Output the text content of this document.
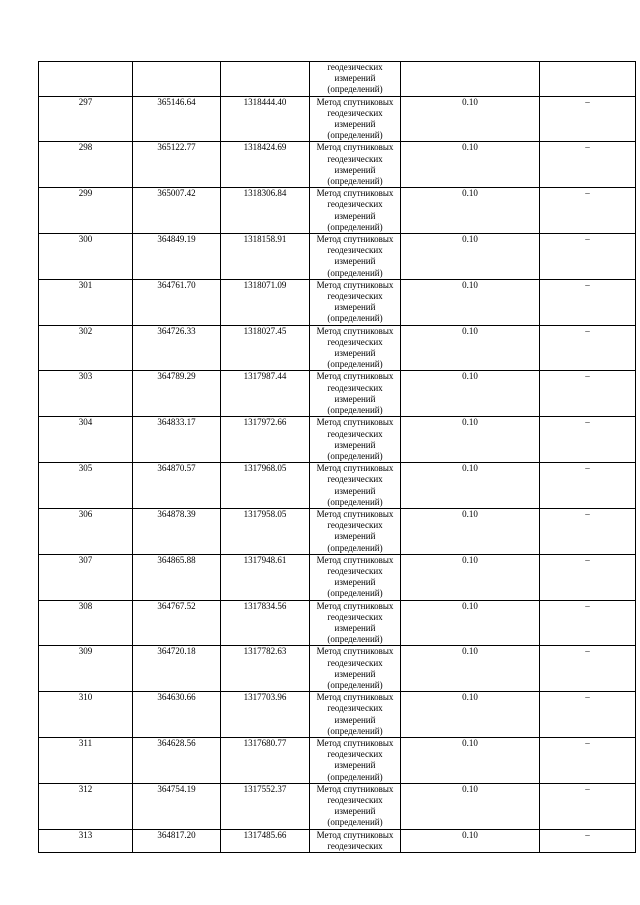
			геодезических
измерений
(определений)		
297	365146.64	1318444.40	Метод спутниковых
геодезических
измерений
(определений)	0.10	–
298	365122.77	1318424.69	Метод спутниковых
геодезических
измерений
(определений)	0.10	–
299	365007.42	1318306.84	Метод спутниковых
геодезических
измерений
(определений)	0.10	–
300	364849.19	1318158.91	Метод спутниковых
геодезических
измерений
(определений)	0.10	–
301	364761.70	1318071.09	Метод спутниковых
геодезических
измерений
(определений)	0.10	–
302	364726.33	1318027.45	Метод спутниковых
геодезических
измерений
(определений)	0.10	–
303	364789.29	1317987.44	Метод спутниковых
геодезических
измерений
(определений)	0.10	–
304	364833.17	1317972.66	Метод спутниковых
геодезических
измерений
(определений)	0.10	–
305	364870.57	1317968.05	Метод спутниковых
геодезических
измерений
(определений)	0.10	–
306	364878.39	1317958.05	Метод спутниковых
геодезических
измерений
(определений)	0.10	–
307	364865.88	1317948.61	Метод спутниковых
геодезических
измерений
(определений)	0.10	–
308	364767.52	1317834.56	Метод спутниковых
геодезических
измерений
(определений)	0.10	–
309	364720.18	1317782.63	Метод спутниковых
геодезических
измерений
(определений)	0.10	–
310	364630.66	1317703.96	Метод спутниковых
геодезических
измерений
(определений)	0.10	–
311	364628.56	1317680.77	Метод спутниковых
геодезических
измерений
(определений)	0.10	–
312	364754.19	1317552.37	Метод спутниковых
геодезических
измерений
(определений)	0.10	–
313	364817.20	1317485.66	Метод спутниковых
геодезических	0.10	–
